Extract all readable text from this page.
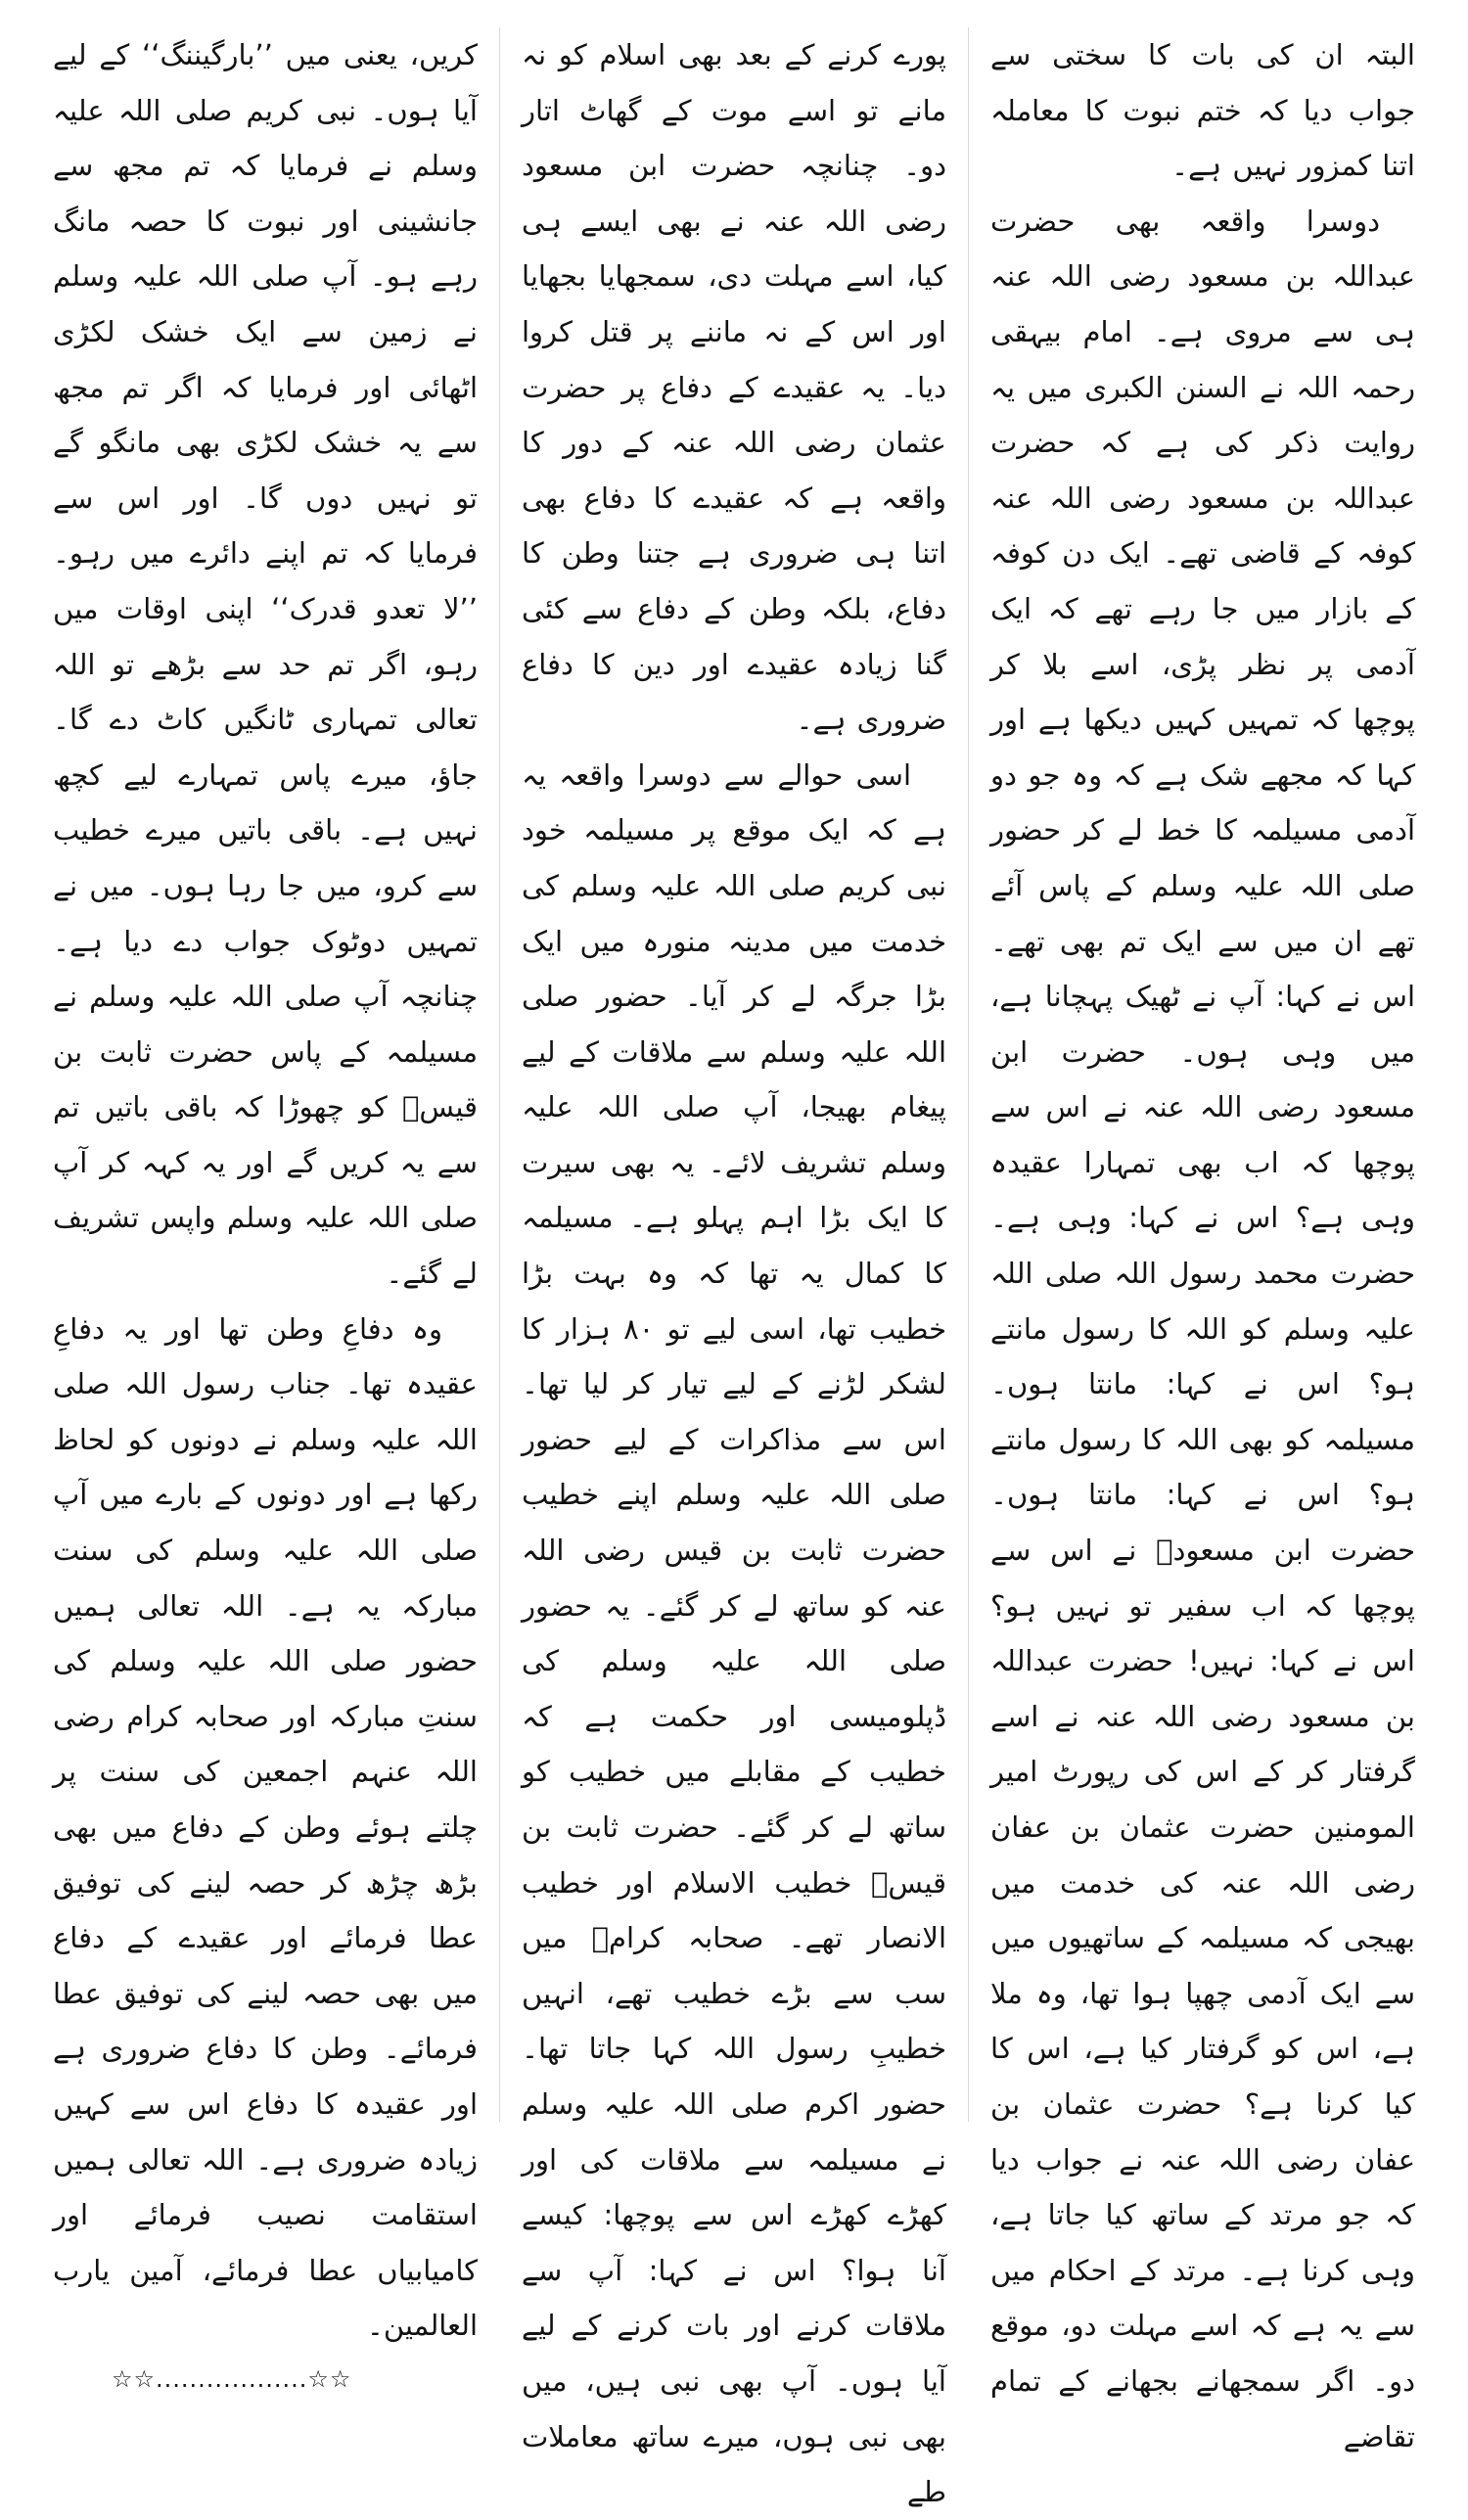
البتہ ان کی بات کا سختی سے جواب دیا کہ ختم نبوت کا معاملہ اتنا کمزور نہیں ہے۔

دوسرا واقعہ بھی حضرت عبداللہ بن مسعود رضی اللہ عنہ ہی سے مروی ہے۔ امام بیہقی رحمہ اللہ نے السنن الکبری میں یہ روایت ذکر کی ہے کہ حضرت عبداللہ بن مسعود رضی اللہ عنہ کوفہ کے قاضی تھے۔ ایک دن کوفہ کے بازار میں جا رہے تھے کہ ایک آدمی پر نظر پڑی، اسے بلا کر پوچھا کہ تمہیں کہیں دیکھا ہے اور کہا کہ مجھے شک ہے کہ وہ جو دو آدمی مسیلمہ کا خط لے کر حضور صلی اللہ علیہ وسلم کے پاس آئے تھے ان میں سے ایک تم بھی تھے۔ اس نے کہا: آپ نے ٹھیک پہچانا ہے، میں وہی ہوں۔ حضرت ابن مسعود رضی اللہ عنہ نے اس سے پوچھا کہ اب بھی تمہارا عقیدہ وہی ہے؟ اس نے کہا: وہی ہے۔ حضرت محمد رسول اللہ صلی اللہ علیہ وسلم کو اللہ کا رسول مانتے ہو؟ اس نے کہا: مانتا ہوں۔ مسیلمہ کو بھی اللہ کا رسول مانتے ہو؟ اس نے کہا: مانتا ہوں۔ حضرت ابن مسعودؓ نے اس سے پوچھا کہ اب سفیر تو نہیں ہو؟ اس نے کہا: نہیں! حضرت عبداللہ بن مسعود رضی اللہ عنہ نے اسے گرفتار کر کے اس کی رپورٹ امیر المومنین حضرت عثمان بن عفان رضی اللہ عنہ کی خدمت میں بھیجی کہ مسیلمہ کے ساتھیوں میں سے ایک آدمی چھپا ہوا تھا، وہ ملا ہے، اس کو گرفتار کیا ہے، اس کا کیا کرنا ہے؟ حضرت عثمان بن عفان رضی اللہ عنہ نے جواب دیا کہ جو مرتد کے ساتھ کیا جاتا ہے، وہی کرنا ہے۔ مرتد کے احکام میں سے یہ ہے کہ اسے مہلت دو، موقع دو۔ اگر سمجھانے بجھانے کے تمام تقاضے

پورے کرنے کے بعد بھی اسلام کو نہ مانے تو اسے موت کے گھاٹ اتار دو۔ چنانچہ حضرت ابن مسعود رضی اللہ عنہ نے بھی ایسے ہی کیا، اسے مہلت دی، سمجھایا بجھایا اور اس کے نہ ماننے پر قتل کروا دیا۔ یہ عقیدے کے دفاع پر حضرت عثمان رضی اللہ عنہ کے دور کا واقعہ ہے کہ عقیدے کا دفاع بھی اتنا ہی ضروری ہے جتنا وطن کا دفاع، بلکہ وطن کے دفاع سے کئی گنا زیادہ عقیدے اور دین کا دفاع ضروری ہے۔

اسی حوالے سے دوسرا واقعہ یہ ہے کہ ایک موقع پر مسیلمہ خود نبی کریم صلی اللہ علیہ وسلم کی خدمت میں مدینہ منورہ میں ایک بڑا جرگہ لے کر آیا۔ حضور صلی اللہ علیہ وسلم سے ملاقات کے لیے پیغام بھیجا، آپ صلی اللہ علیہ وسلم تشریف لائے۔ یہ بھی سیرت کا ایک بڑا اہم پہلو ہے۔ مسیلمہ کا کمال یہ تھا کہ وہ بہت بڑا خطیب تھا، اسی لیے تو ۸۰ ہزار کا لشکر لڑنے کے لیے تیار کر لیا تھا۔ اس سے مذاکرات کے لیے حضور صلی اللہ علیہ وسلم اپنے خطیب حضرت ثابت بن قیس رضی اللہ عنہ کو ساتھ لے کر گئے۔ یہ حضور صلی اللہ علیہ وسلم کی ڈپلومیسی اور حکمت ہے کہ خطیب کے مقابلے میں خطیب کو ساتھ لے کر گئے۔ حضرت ثابت بن قیسؓ خطیب الاسلام اور خطیب الانصار تھے۔ صحابہ کرامؓ میں سب سے بڑے خطیب تھے، انہیں خطیبِ رسول اللہ کہا جاتا تھا۔ حضور اکرم صلی اللہ علیہ وسلم نے مسیلمہ سے ملاقات کی اور کھڑے کھڑے اس سے پوچھا: کیسے آنا ہوا؟ اس نے کہا: آپ سے ملاقات کرنے اور بات کرنے کے لیے آیا ہوں۔ آپ بھی نبی ہیں، میں بھی نبی ہوں، میرے ساتھ معاملات طے

کریں، یعنی میں ’’بارگیننگ‘‘ کے لیے آیا ہوں۔ نبی کریم صلی اللہ علیہ وسلم نے فرمایا کہ تم مجھ سے جانشینی اور نبوت کا حصہ مانگ رہے ہو۔ آپ صلی اللہ علیہ وسلم نے زمین سے ایک خشک لکڑی اٹھائی اور فرمایا کہ اگر تم مجھ سے یہ خشک لکڑی بھی مانگو گے تو نہیں دوں گا۔ اور اس سے فرمایا کہ تم اپنے دائرے میں رہو۔ ’’لا تعدو قدرک‘‘ اپنی اوقات میں رہو، اگر تم حد سے بڑھے تو اللہ تعالی تمہاری ٹانگیں کاٹ دے گا۔ جاؤ، میرے پاس تمہارے لیے کچھ نہیں ہے۔ باقی باتیں میرے خطیب سے کرو، میں جا رہا ہوں۔ میں نے تمہیں دوٹوک جواب دے دیا ہے۔ چنانچہ آپ صلی اللہ علیہ وسلم نے مسیلمہ کے پاس حضرت ثابت بن قیسؓ کو چھوڑا کہ باقی باتیں تم سے یہ کریں گے اور یہ کہہ کر آپ صلی اللہ علیہ وسلم واپس تشریف لے گئے۔

وہ دفاعِ وطن تھا اور یہ دفاعِ عقیدہ تھا۔ جناب رسول اللہ صلی اللہ علیہ وسلم نے دونوں کو لحاظ رکھا ہے اور دونوں کے بارے میں آپ صلی اللہ علیہ وسلم کی سنت مبارکہ یہ ہے۔ اللہ تعالی ہمیں حضور صلی اللہ علیہ وسلم کی سنتِ مبارکہ اور صحابہ کرام رضی اللہ عنہم اجمعین کی سنت پر چلتے ہوئے وطن کے دفاع میں بھی بڑھ چڑھ کر حصہ لینے کی توفیق عطا فرمائے اور عقیدے کے دفاع میں بھی حصہ لینے کی توفیق عطا فرمائے۔ وطن کا دفاع ضروری ہے اور عقیدہ کا دفاع اس سے کہیں زیادہ ضروری ہے۔ اللہ تعالی ہمیں استقامت نصیب فرمائے اور کامیابیاں عطا فرمائے، آمین یارب العالمین۔

☆☆..................☆☆
